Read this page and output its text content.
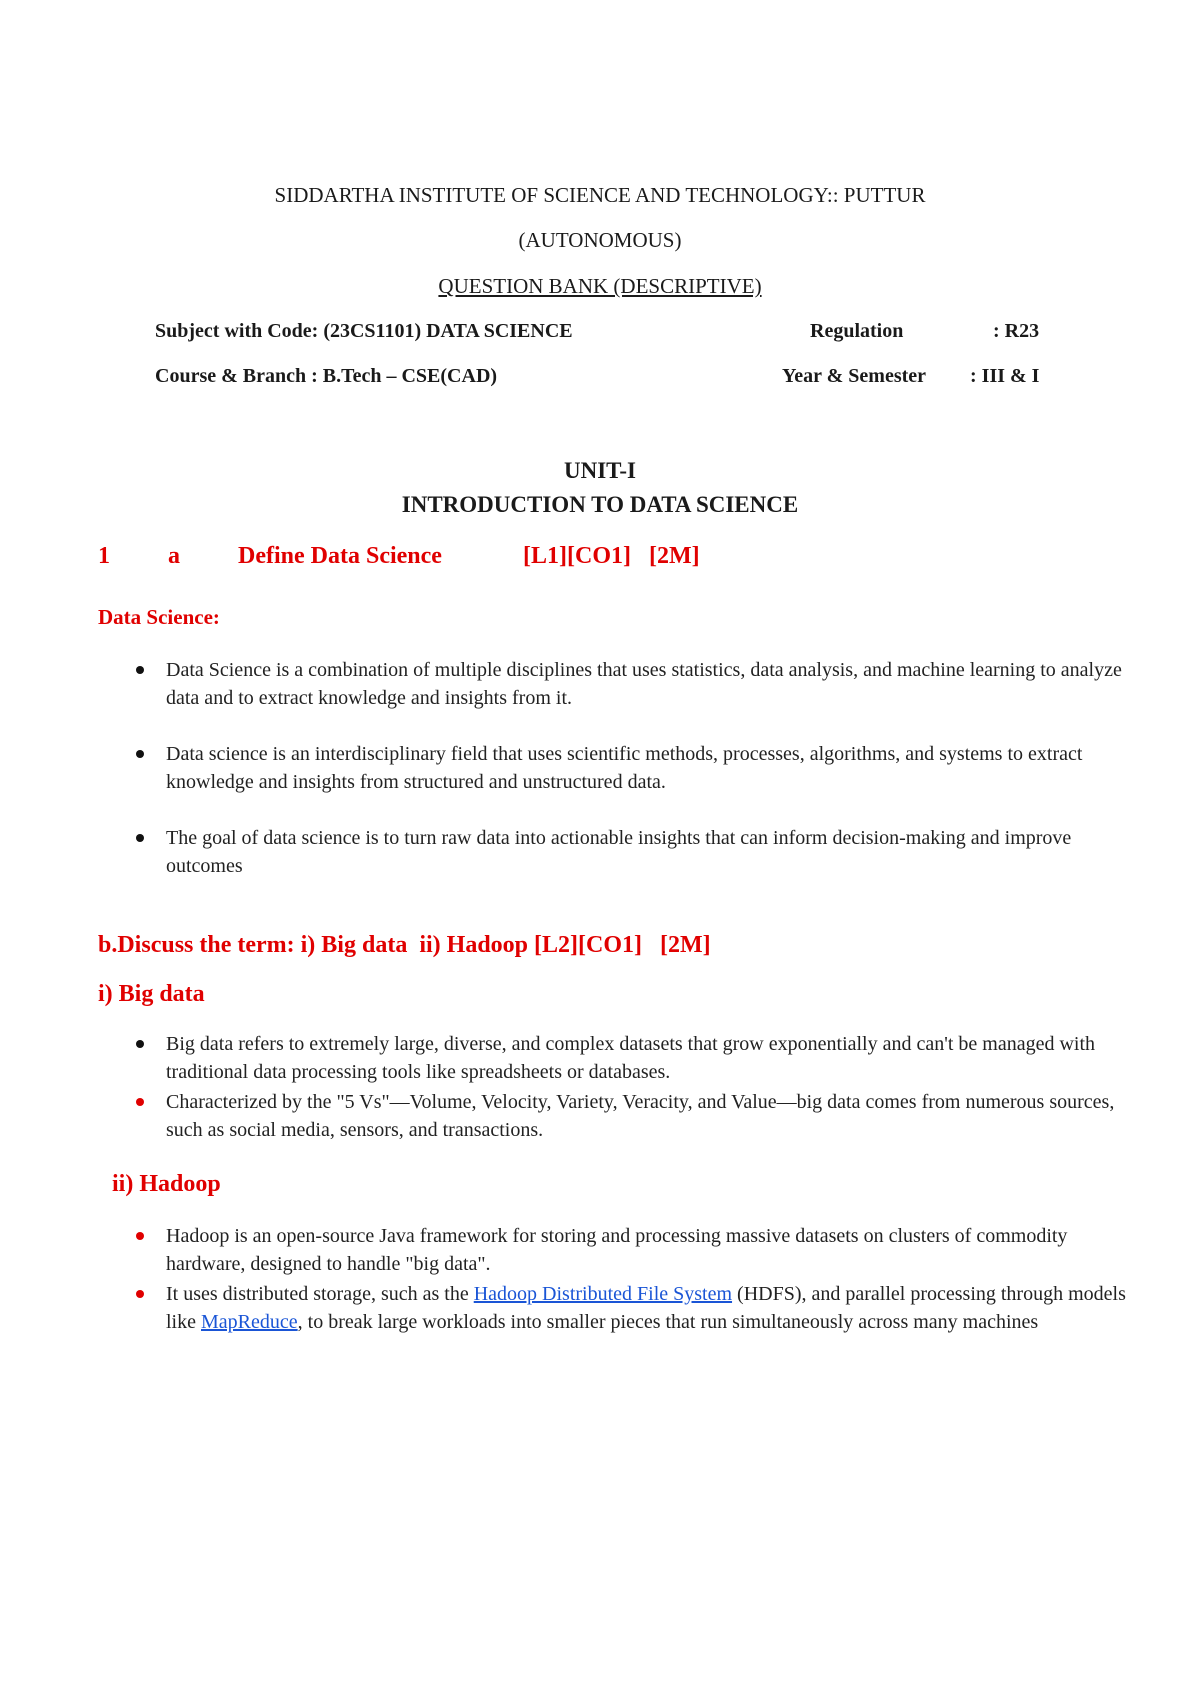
SIDDARTHA INSTITUTE OF SCIENCE AND TECHNOLOGY:: PUTTUR
(AUTONOMOUS)
QUESTION BANK (DESCRIPTIVE)
Subject with Code: (23CS1101) DATA SCIENCE	Regulation	: R23
Course & Branch : B.Tech – CSE(CAD)	Year & Semester : III & I
UNIT-I
INTRODUCTION TO DATA SCIENCE
1 a Define Data Science	[L1][CO1]   [2M]
Data Science:
Data Science is a combination of multiple disciplines that uses statistics, data analysis, and machine learning to analyze data and to extract knowledge and insights from it.
Data science is an interdisciplinary field that uses scientific methods, processes, algorithms, and systems to extract knowledge and insights from structured and unstructured data.
The goal of data science is to turn raw data into actionable insights that can inform decision-making and improve outcomes
b.Discuss the term: i) Big data  ii) Hadoop [L2][CO1]   [2M]
i) Big data
Big data refers to extremely large, diverse, and complex datasets that grow exponentially and can't be managed with traditional data processing tools like spreadsheets or databases.
Characterized by the "5 Vs"—Volume, Velocity, Variety, Veracity, and Value—big data comes from numerous sources, such as social media, sensors, and transactions.
ii) Hadoop
Hadoop is an open-source Java framework for storing and processing massive datasets on clusters of commodity hardware, designed to handle "big data".
It uses distributed storage, such as the Hadoop Distributed File System (HDFS), and parallel processing through models like MapReduce, to break large workloads into smaller pieces that run simultaneously across many machines
